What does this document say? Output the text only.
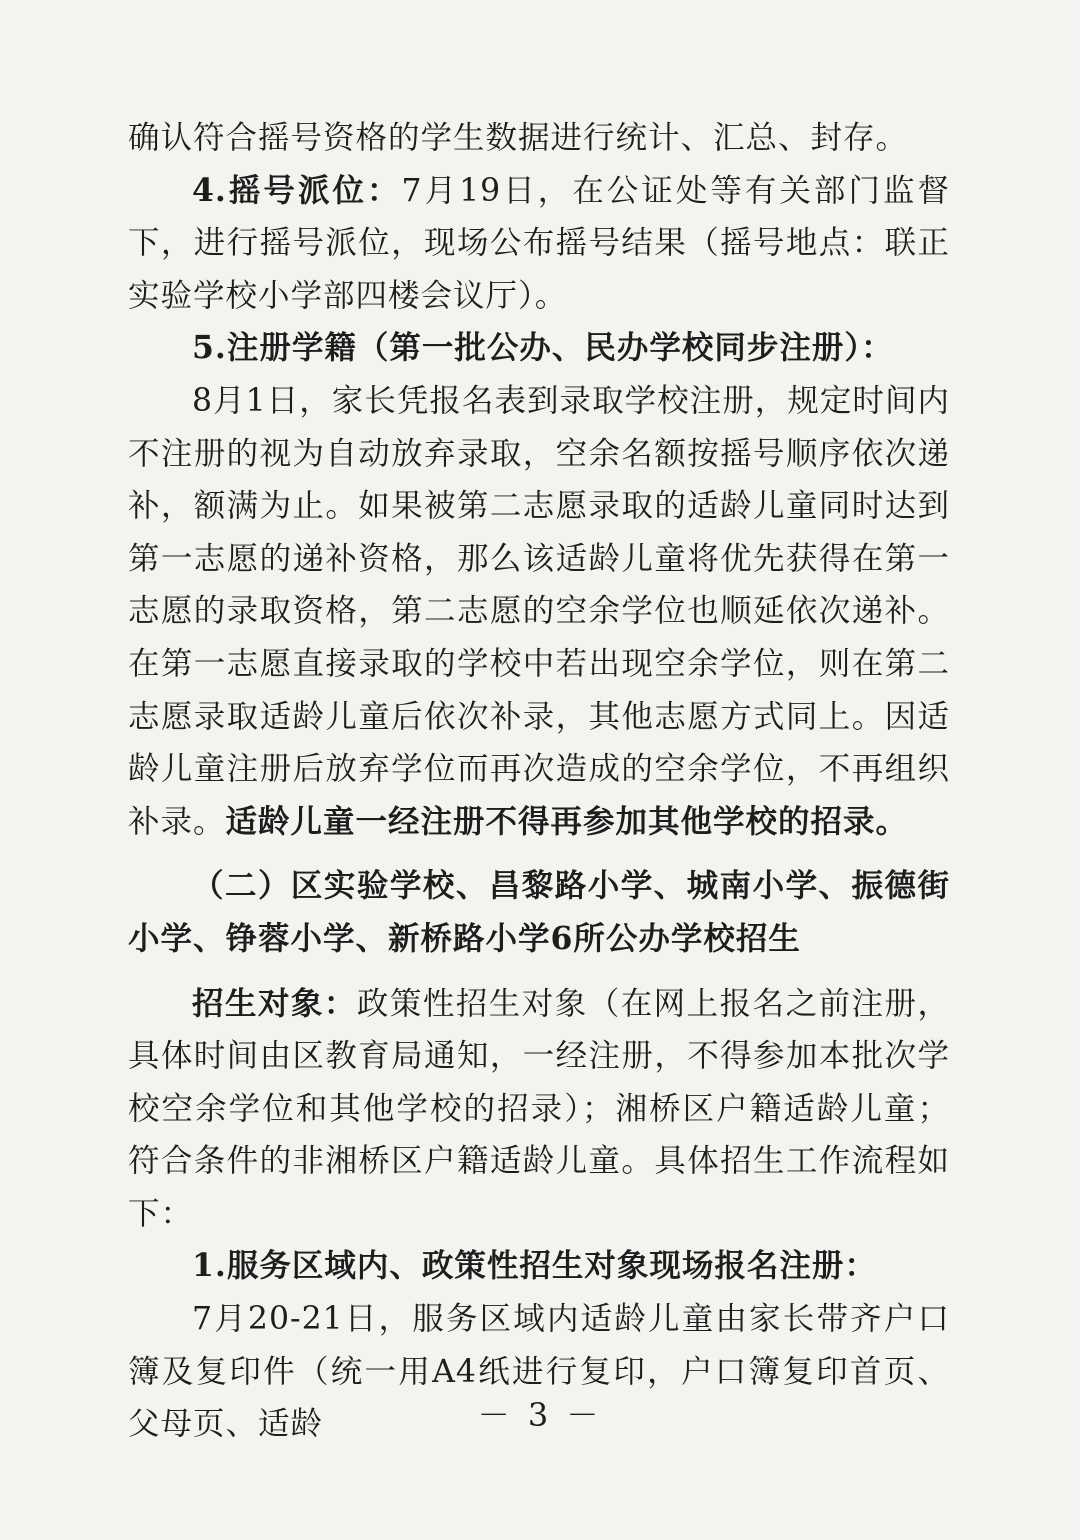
确认符合摇号资格的学生数据进行统计、汇总、封存。

4.摇号派位：7月19日，在公证处等有关部门监督下，进行摇号派位，现场公布摇号结果（摇号地点：联正实验学校小学部四楼会议厅）。

5.注册学籍（第一批公办、民办学校同步注册）：

8月1日，家长凭报名表到录取学校注册，规定时间内不注册的视为自动放弃录取，空余名额按摇号顺序依次递补，额满为止。如果被第二志愿录取的适龄儿童同时达到第一志愿的递补资格，那么该适龄儿童将优先获得在第一志愿的录取资格，第二志愿的空余学位也顺延依次递补。在第一志愿直接录取的学校中若出现空余学位，则在第二志愿录取适龄儿童后依次补录，其他志愿方式同上。因适龄儿童注册后放弃学位而再次造成的空余学位，不再组织补录。适龄儿童一经注册不得再参加其他学校的招录。

（二）区实验学校、昌黎路小学、城南小学、振德街小学、铮蓉小学、新桥路小学6所公办学校招生

招生对象：政策性招生对象（在网上报名之前注册，具体时间由区教育局通知，一经注册，不得参加本批次学校空余学位和其他学校的招录）；湘桥区户籍适龄儿童；符合条件的非湘桥区户籍适龄儿童。具体招生工作流程如下：

1.服务区域内、政策性招生对象现场报名注册：

7月20-21日，服务区域内适龄儿童由家长带齐户口簿及复印件（统一用A4纸进行复印，户口簿复印首页、父母页、适龄	－ 3 －
